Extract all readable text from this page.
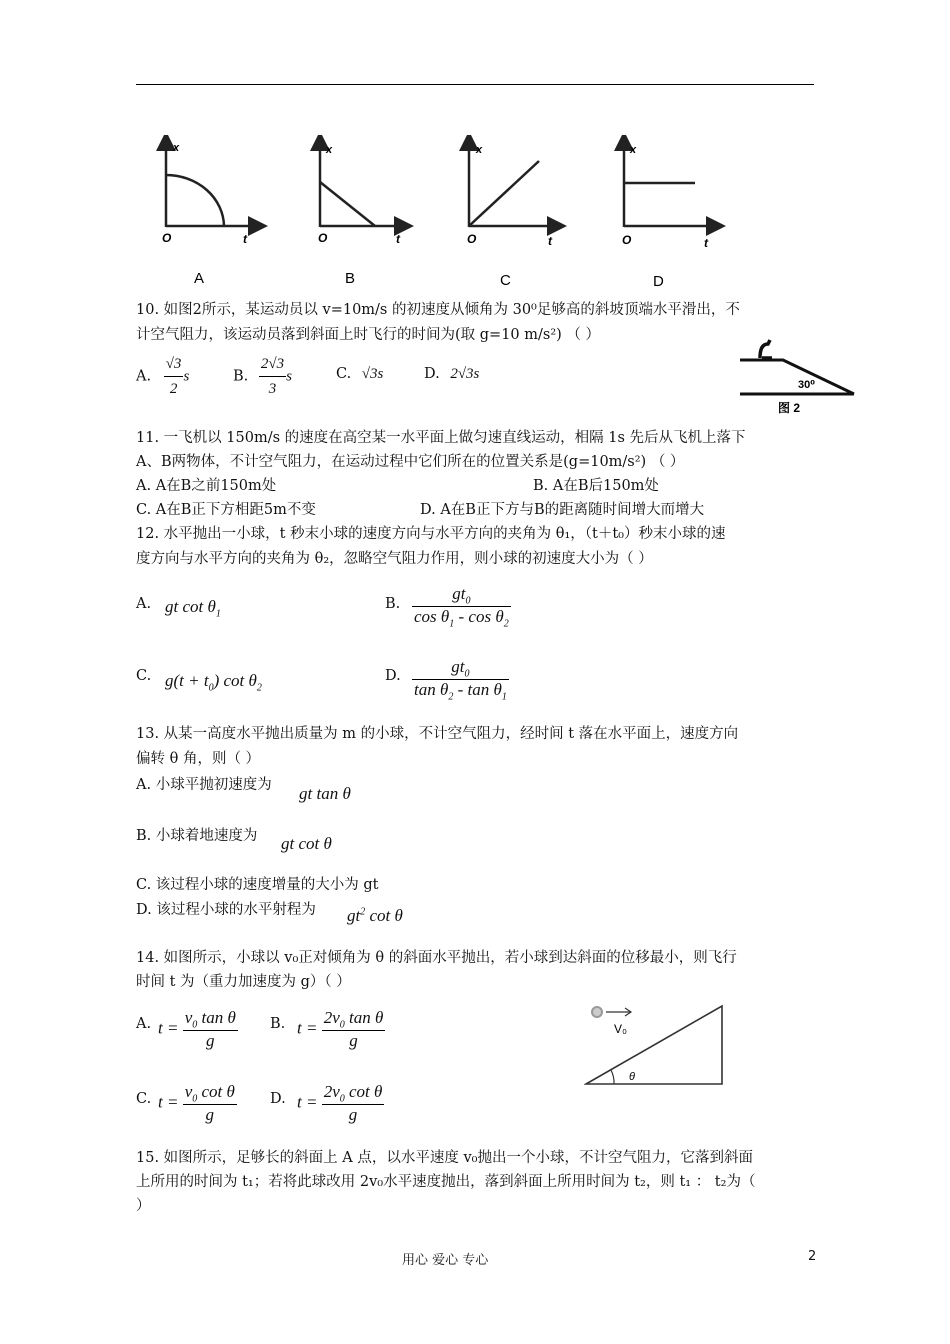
x
t
O
A
x
t
O
B
x
t
O
C
x
t
O
D
10. 如图2所示，某运动员以 v=10m/s 的初速度从倾角为 30⁰足够高的斜坡顶端水平滑出，不
计空气阻力，该运动员落到斜面上时飞行的时间为(取 g=10 m/s²) （ ）
A. $\frac{√3}{2}$ s	B. $\frac{2√3}{3}$ s	C. √3s	D. 2√3s
30⁰
图 2
11. 一飞机以 150m/s 的速度在高空某一水平面上做匀速直线运动，相隔 1s 先后从飞机上落下
A、B两物体，不计空气阻力，在运动过程中它们所在的位置关系是(g=10m/s²) （ ）
A. A在B之前150m处	B. A在B后150m处
C. A在B正下方相距5m不变	D. A在B正下方与B的距离随时间增大而增大
12. 水平抛出一小球，t 秒末小球的速度方向与水平方向的夹角为 θ₁，（t＋t₀）秒末小球的速
度方向与水平方向的夹角为 θ₂，忽略空气阻力作用，则小球的初速度大小为（ ）
A. gt $\cot \theta_1$
B. $\frac{gt_0}{\cos \theta_1 - \cos \theta_2}$
C. $g(t + t_0)$ $\cot \theta_2$
D. $\frac{gt_0}{\tan \theta_2 - \tan \theta_1}$
13. 从某一高度水平抛出质量为 m 的小球，不计空气阻力，经时间 t 落在水平面上，速度方向
偏转 θ 角，则（ ）
A. 小球平抛初速度为 gt tan θ
B. 小球着地速度为 gt cot θ
C. 该过程小球的速度增量的大小为 gt
D. 该过程小球的水平射程为 $gt^2$ cot θ
14. 如图所示，小球以 v₀正对倾角为 θ 的斜面水平抛出，若小球到达斜面的位移最小，则飞行
时间 t 为（重力加速度为 g）（ ）
A. $t = \frac{v_0 \tan \theta}{g} B$. $t = \frac{2v_0 \tan \theta}{g}$
C. $t = \frac{v_0 \cot \theta}{g} D$. $t = \frac{2v_0 \cot \theta}{g}$
V₀
θ
15. 如图所示，足够长的斜面上 A 点，以水平速度 v₀抛出一个小球，不计空气阻力，它落到斜面
上所用的时间为 t₁；若将此球改用 2v₀水平速度抛出，落到斜面上所用时间为 t₂，则 t₁ ： t₂为（
）
用心 爱心 专心	2
